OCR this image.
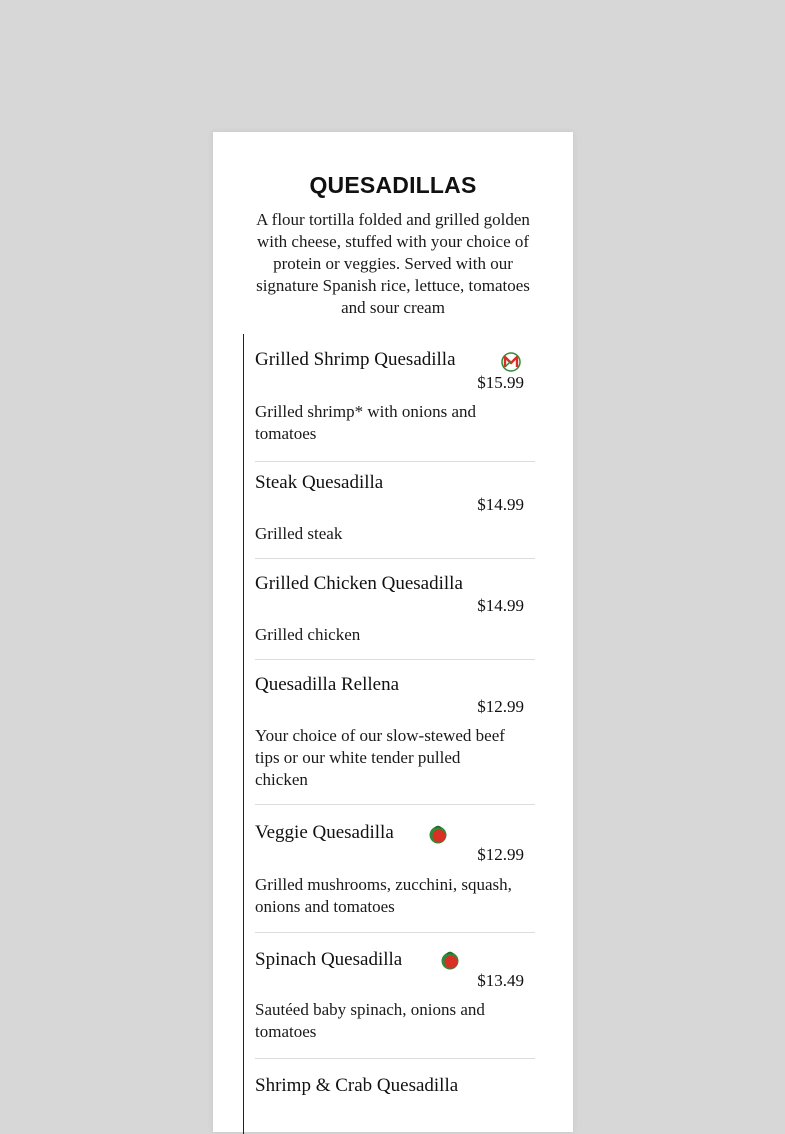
QUESADILLAS
A flour tortilla folded and grilled golden with cheese, stuffed with your choice of protein or veggies. Served with our signature Spanish rice, lettuce, tomatoes and sour cream
Grilled Shrimp Quesadilla
$15.99
Grilled shrimp* with onions and tomatoes
Steak Quesadilla
$14.99
Grilled steak
Grilled Chicken Quesadilla
$14.99
Grilled chicken
Quesadilla Rellena
$12.99
Your choice of our slow-stewed beef tips or our white tender pulled chicken
Veggie Quesadilla
$12.99
Grilled mushrooms, zucchini, squash, onions and tomatoes
Spinach Quesadilla
$13.49
Sautéed baby spinach, onions and tomatoes
Shrimp & Crab Quesadilla
